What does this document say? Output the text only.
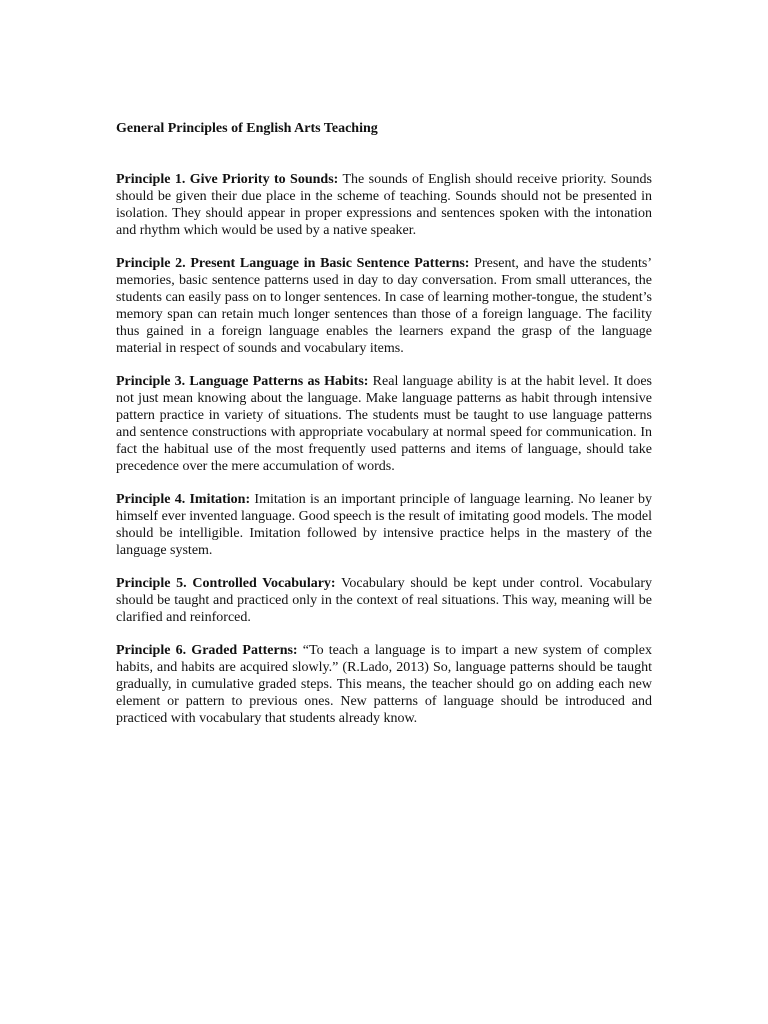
General Principles of English Arts Teaching

Principle 1. Give Priority to Sounds: The sounds of English should receive priority. Sounds should be given their due place in the scheme of teaching. Sounds should not be presented in isolation. They should appear in proper expressions and sentences spoken with the intonation and rhythm which would be used by a native speaker.

Principle 2. Present Language in Basic Sentence Patterns: Present, and have the students’ memories, basic sentence patterns used in day to day conversation. From small utterances, the students can easily pass on to longer sentences. In case of learning mother-tongue, the student’s memory span can retain much longer sentences than those of a foreign language. The facility thus gained in a foreign language enables the learners expand the grasp of the language material in respect of sounds and vocabulary items.

Principle 3. Language Patterns as Habits: Real language ability is at the habit level. It does not just mean knowing about the language. Make language patterns as habit through intensive pattern practice in variety of situations. The students must be taught to use language patterns and sentence constructions with appropriate vocabulary at normal speed for communication. In fact the habitual use of the most frequently used patterns and items of language, should take precedence over the mere accumulation of words.

Principle 4. Imitation: Imitation is an important principle of language learning. No leaner by himself ever invented language. Good speech is the result of imitating good models. The model should be intelligible. Imitation followed by intensive practice helps in the mastery of the language system.

Principle 5. Controlled Vocabulary: Vocabulary should be kept under control. Vocabulary should be taught and practiced only in the context of real situations. This way, meaning will be clarified and reinforced.

Principle 6. Graded Patterns: “To teach a language is to impart a new system of complex habits, and habits are acquired slowly.” (R.Lado, 2013) So, language patterns should be taught gradually, in cumulative graded steps. This means, the teacher should go on adding each new element or pattern to previous ones. New patterns of language should be introduced and practiced with vocabulary that students already know.
